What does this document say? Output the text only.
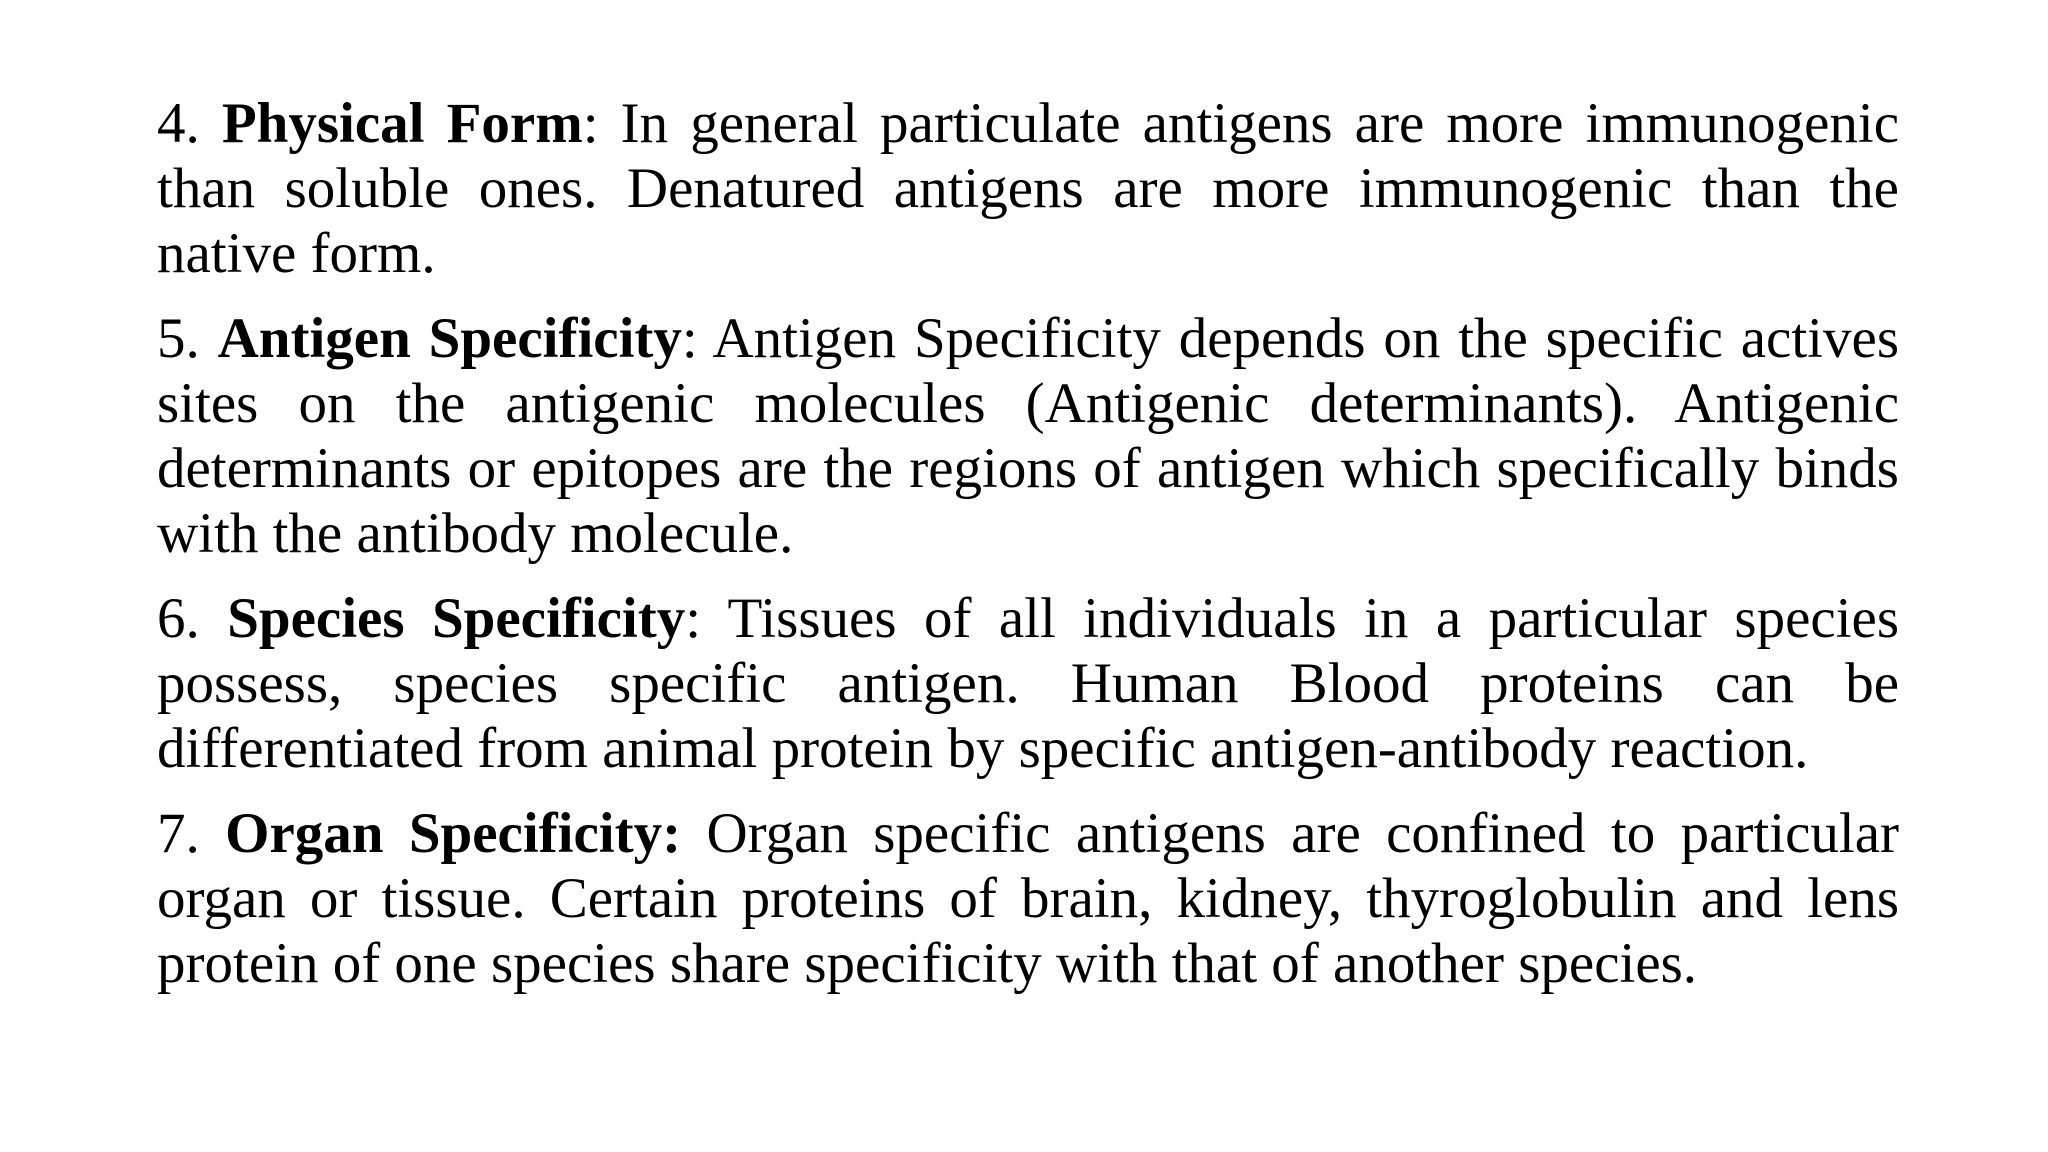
4. Physical Form: In general particulate antigens are more immunogenic than soluble ones. Denatured antigens are more immunogenic than the native form.

5. Antigen Specificity: Antigen Specificity depends on the specific actives sites on the antigenic molecules (Antigenic determinants). Antigenic determinants or epitopes are the regions of antigen which specifically binds with the antibody molecule.

6. Species Specificity: Tissues of all individuals in a particular species possess, species specific antigen. Human Blood proteins can be differentiated from animal protein by specific antigen-antibody reaction.

7. Organ Specificity: Organ specific antigens are confined to particular organ or tissue. Certain proteins of brain, kidney, thyroglobulin and lens protein of one species share specificity with that of another species.
